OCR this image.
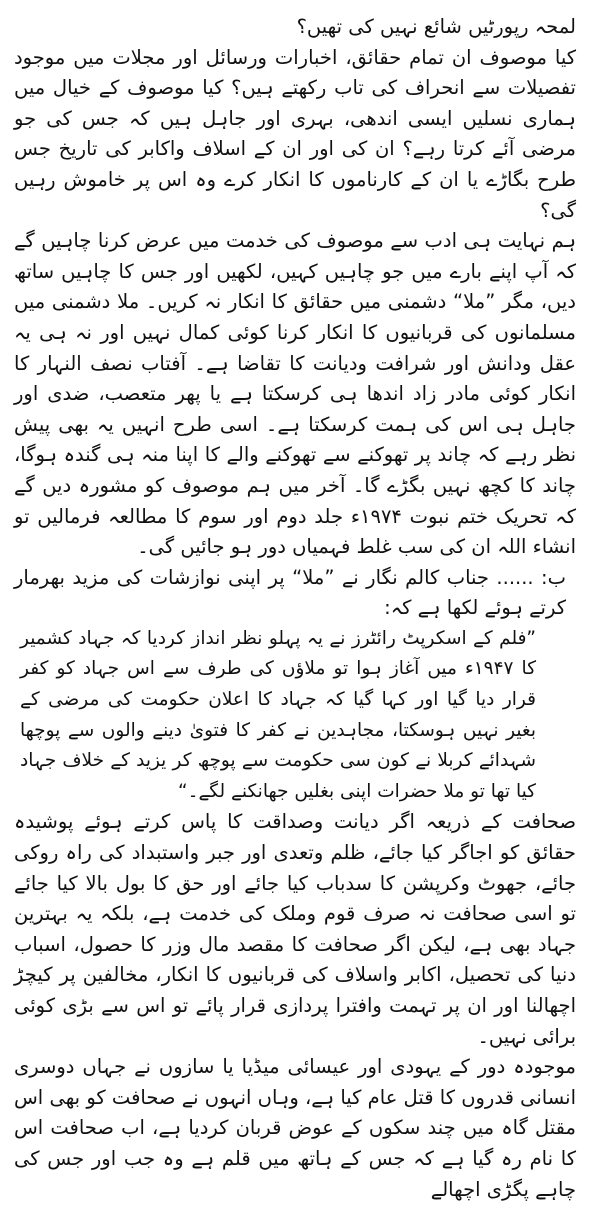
لمحہ رپورٹیں شائع نہیں کی تھیں؟

کیا موصوف ان تمام حقائق، اخبارات ورسائل اور مجلات میں موجود تفصیلات سے انحراف کی تاب رکھتے ہیں؟ کیا موصوف کے خیال میں ہماری نسلیں ایسی اندھی، بہری اور جاہل ہیں کہ جس کی جو مرضی آئے کرتا رہے؟ ان کی اور ان کے اسلاف واکابر کی تاریخ جس طرح بگاڑے یا ان کے کارناموں کا انکار کرے وہ اس پر خاموش رہیں گی؟

ہم نہایت ہی ادب سے موصوف کی خدمت میں عرض کرنا چاہیں گے کہ آپ اپنے بارے میں جو چاہیں کہیں، لکھیں اور جس کا چاہیں ساتھ دیں، مگر ”ملا“ دشمنی میں حقائق کا انکار نہ کریں۔ ملا دشمنی میں مسلمانوں کی قربانیوں کا انکار کرنا کوئی کمال نہیں اور نہ ہی یہ عقل ودانش اور شرافت ودیانت کا تقاضا ہے۔ آفتاب نصف النہار کا انکار کوئی مادر زاد اندھا ہی کرسکتا ہے یا پھر متعصب، ضدی اور جاہل ہی اس کی ہمت کرسکتا ہے۔ اسی طرح انہیں یہ بھی پیش نظر رہے کہ چاند پر تھوکنے سے تھوکنے والے کا اپنا منہ ہی گندہ ہوگا، چاند کا کچھ نہیں بگڑے گا۔ آخر میں ہم موصوف کو مشورہ دیں گے کہ تحریک ختم نبوت ۱۹۷۴ء جلد دوم اور سوم کا مطالعہ فرمالیں تو انشاء اللہ ان کی سب غلط فہمیاں دور ہو جائیں گی۔

ب: ...... جناب کالم نگار نے ”ملا“ پر اپنی نوازشات کی مزید بھرمار کرتے ہوئے لکھا ہے کہ:

”فلم کے اسکرپٹ رائٹرز نے یہ پہلو نظر انداز کردیا کہ جہاد کشمیر کا ۱۹۴۷ء میں آغاز ہوا تو ملاؤں کی طرف سے اس جہاد کو کفر قرار دیا گیا اور کہا گیا کہ جہاد کا اعلان حکومت کی مرضی کے بغیر نہیں ہوسکتا، مجاہدین نے کفر کا فتویٰ دینے والوں سے پوچھا شہدائے کربلا نے کون سی حکومت سے پوچھ کر یزید کے خلاف جہاد کیا تھا تو ملا حضرات اپنی بغلیں جھانکنے لگے۔“

صحافت کے ذریعہ اگر دیانت وصداقت کا پاس کرتے ہوئے پوشیدہ حقائق کو اجاگر کیا جائے، ظلم وتعدی اور جبر واستبداد کی راہ روکی جائے، جھوٹ وکرپشن کا سدباب کیا جائے اور حق کا بول بالا کیا جائے تو اسی صحافت نہ صرف قوم وملک کی خدمت ہے، بلکہ یہ بہترین جہاد بھی ہے، لیکن اگر صحافت کا مقصد مال وزر کا حصول، اسباب دنیا کی تحصیل، اکابر واسلاف کی قربانیوں کا انکار، مخالفین پر کیچڑ اچھالنا اور ان پر تہمت وافترا پردازی قرار پائے تو اس سے بڑی کوئی برائی نہیں۔

موجودہ دور کے یہودی اور عیسائی میڈیا یا سازوں نے جہاں دوسری انسانی قدروں کا قتل عام کیا ہے، وہاں انہوں نے صحافت کو بھی اس مقتل گاہ میں چند سکوں کے عوض قربان کردیا ہے، اب صحافت اس کا نام رہ گیا ہے کہ جس کے ہاتھ میں قلم ہے وہ جب اور جس کی چاہے پگڑی اچھالے
